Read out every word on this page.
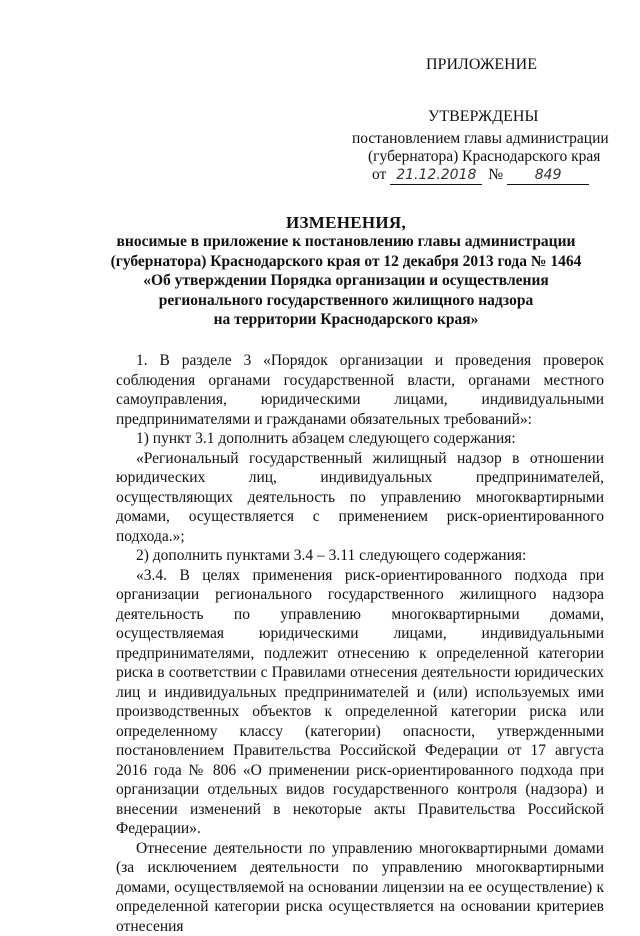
ПРИЛОЖЕНИЕ
УТВЕРЖДЕНЫ
постановлением главы администрации
(губернатора) Краснодарского края
от 21.12.2018 № 849
ИЗМЕНЕНИЯ,
вносимые в приложение к постановлению главы администрации
(губернатора) Краснодарского края от 12 декабря 2013 года № 1464
«Об утверждении Порядка организации и осуществления
регионального государственного жилищного надзора
на территории Краснодарского края»

1. В разделе 3 «Порядок организации и проведения проверок соблюдения органами государственной власти, органами местного самоуправления, юридическими лицами, индивидуальными предпринимателями и гражданами обязательных требований»:

1) пункт 3.1 дополнить абзацем следующего содержания:

«Региональный государственный жилищный надзор в отношении юридических лиц, индивидуальных предпринимателей, осуществляющих деятельность по управлению многоквартирными домами, осуществляется с применением риск-ориентированного подхода.»;

2) дополнить пунктами 3.4 – 3.11 следующего содержания:

«3.4. В целях применения риск-ориентированного подхода при организации регионального государственного жилищного надзора деятельность по управлению многоквартирными домами, осуществляемая юридическими лицами, индивидуальными предпринимателями, подлежит отнесению к определенной категории риска в соответствии с Правилами отнесения деятельности юридических лиц и индивидуальных предпринимателей и (или) используемых ими производственных объектов к определенной категории риска или определенному классу (категории) опасности, утвержденными постановлением Правительства Российской Федерации от 17 августа 2016 года № 806 «О применении риск-ориентированного подхода при организации отдельных видов государственного контроля (надзора) и внесении изменений в некоторые акты Правительства Российской Федерации».

Отнесение деятельности по управлению многоквартирными домами (за исключением деятельности по управлению многоквартирными домами, осуществляемой на основании лицензии на ее осуществление) к определенной категории риска осуществляется на основании критериев отнесения
